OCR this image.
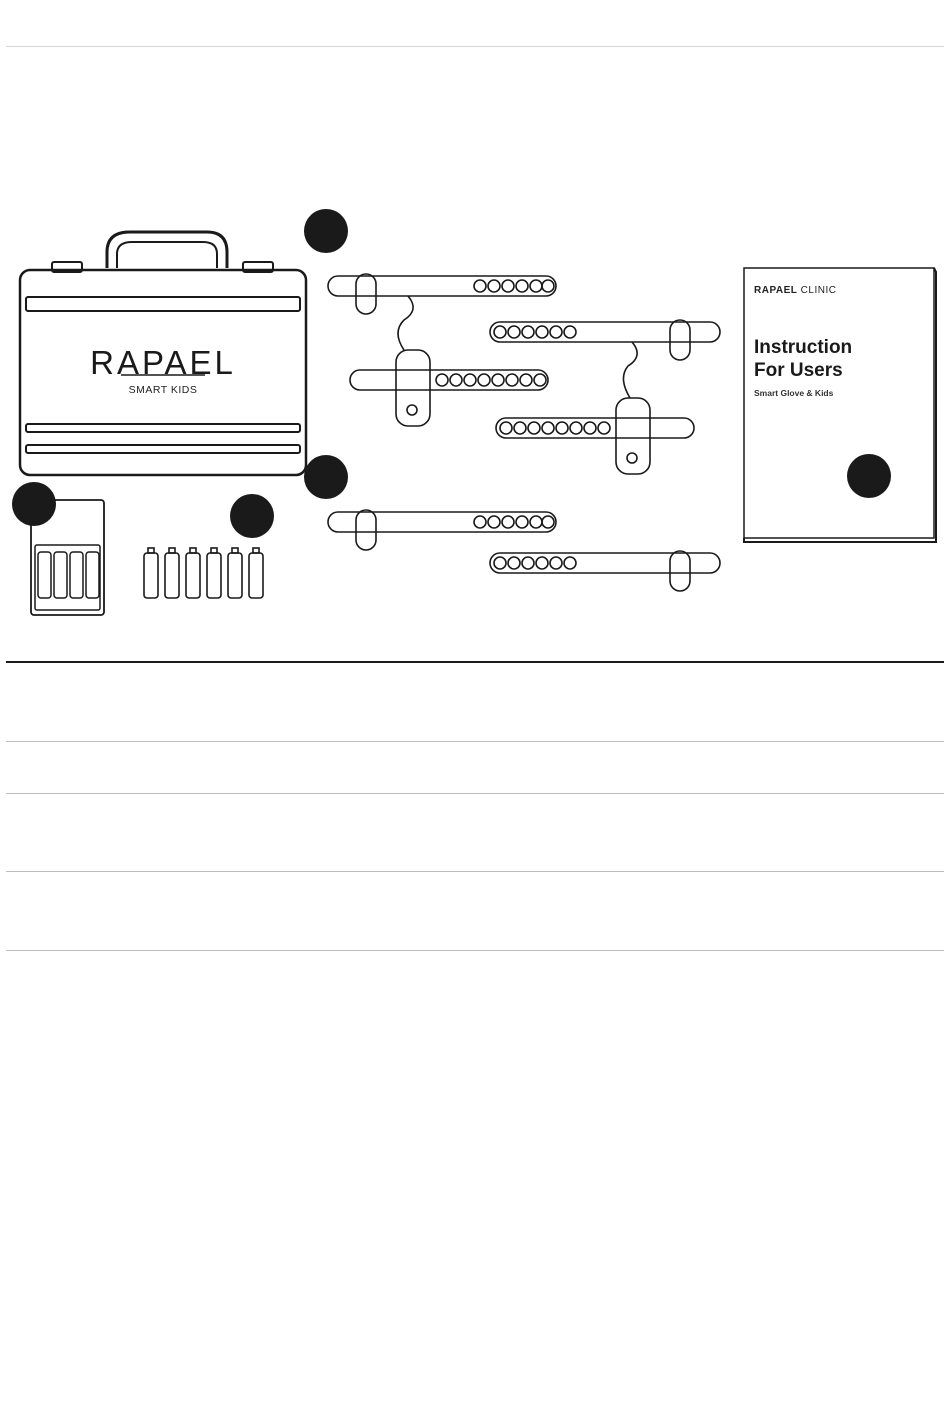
RAPAEL
SMART KIDS
RAPAEL CLINIC
Instruction
For Users
Smart Glove & Kids
